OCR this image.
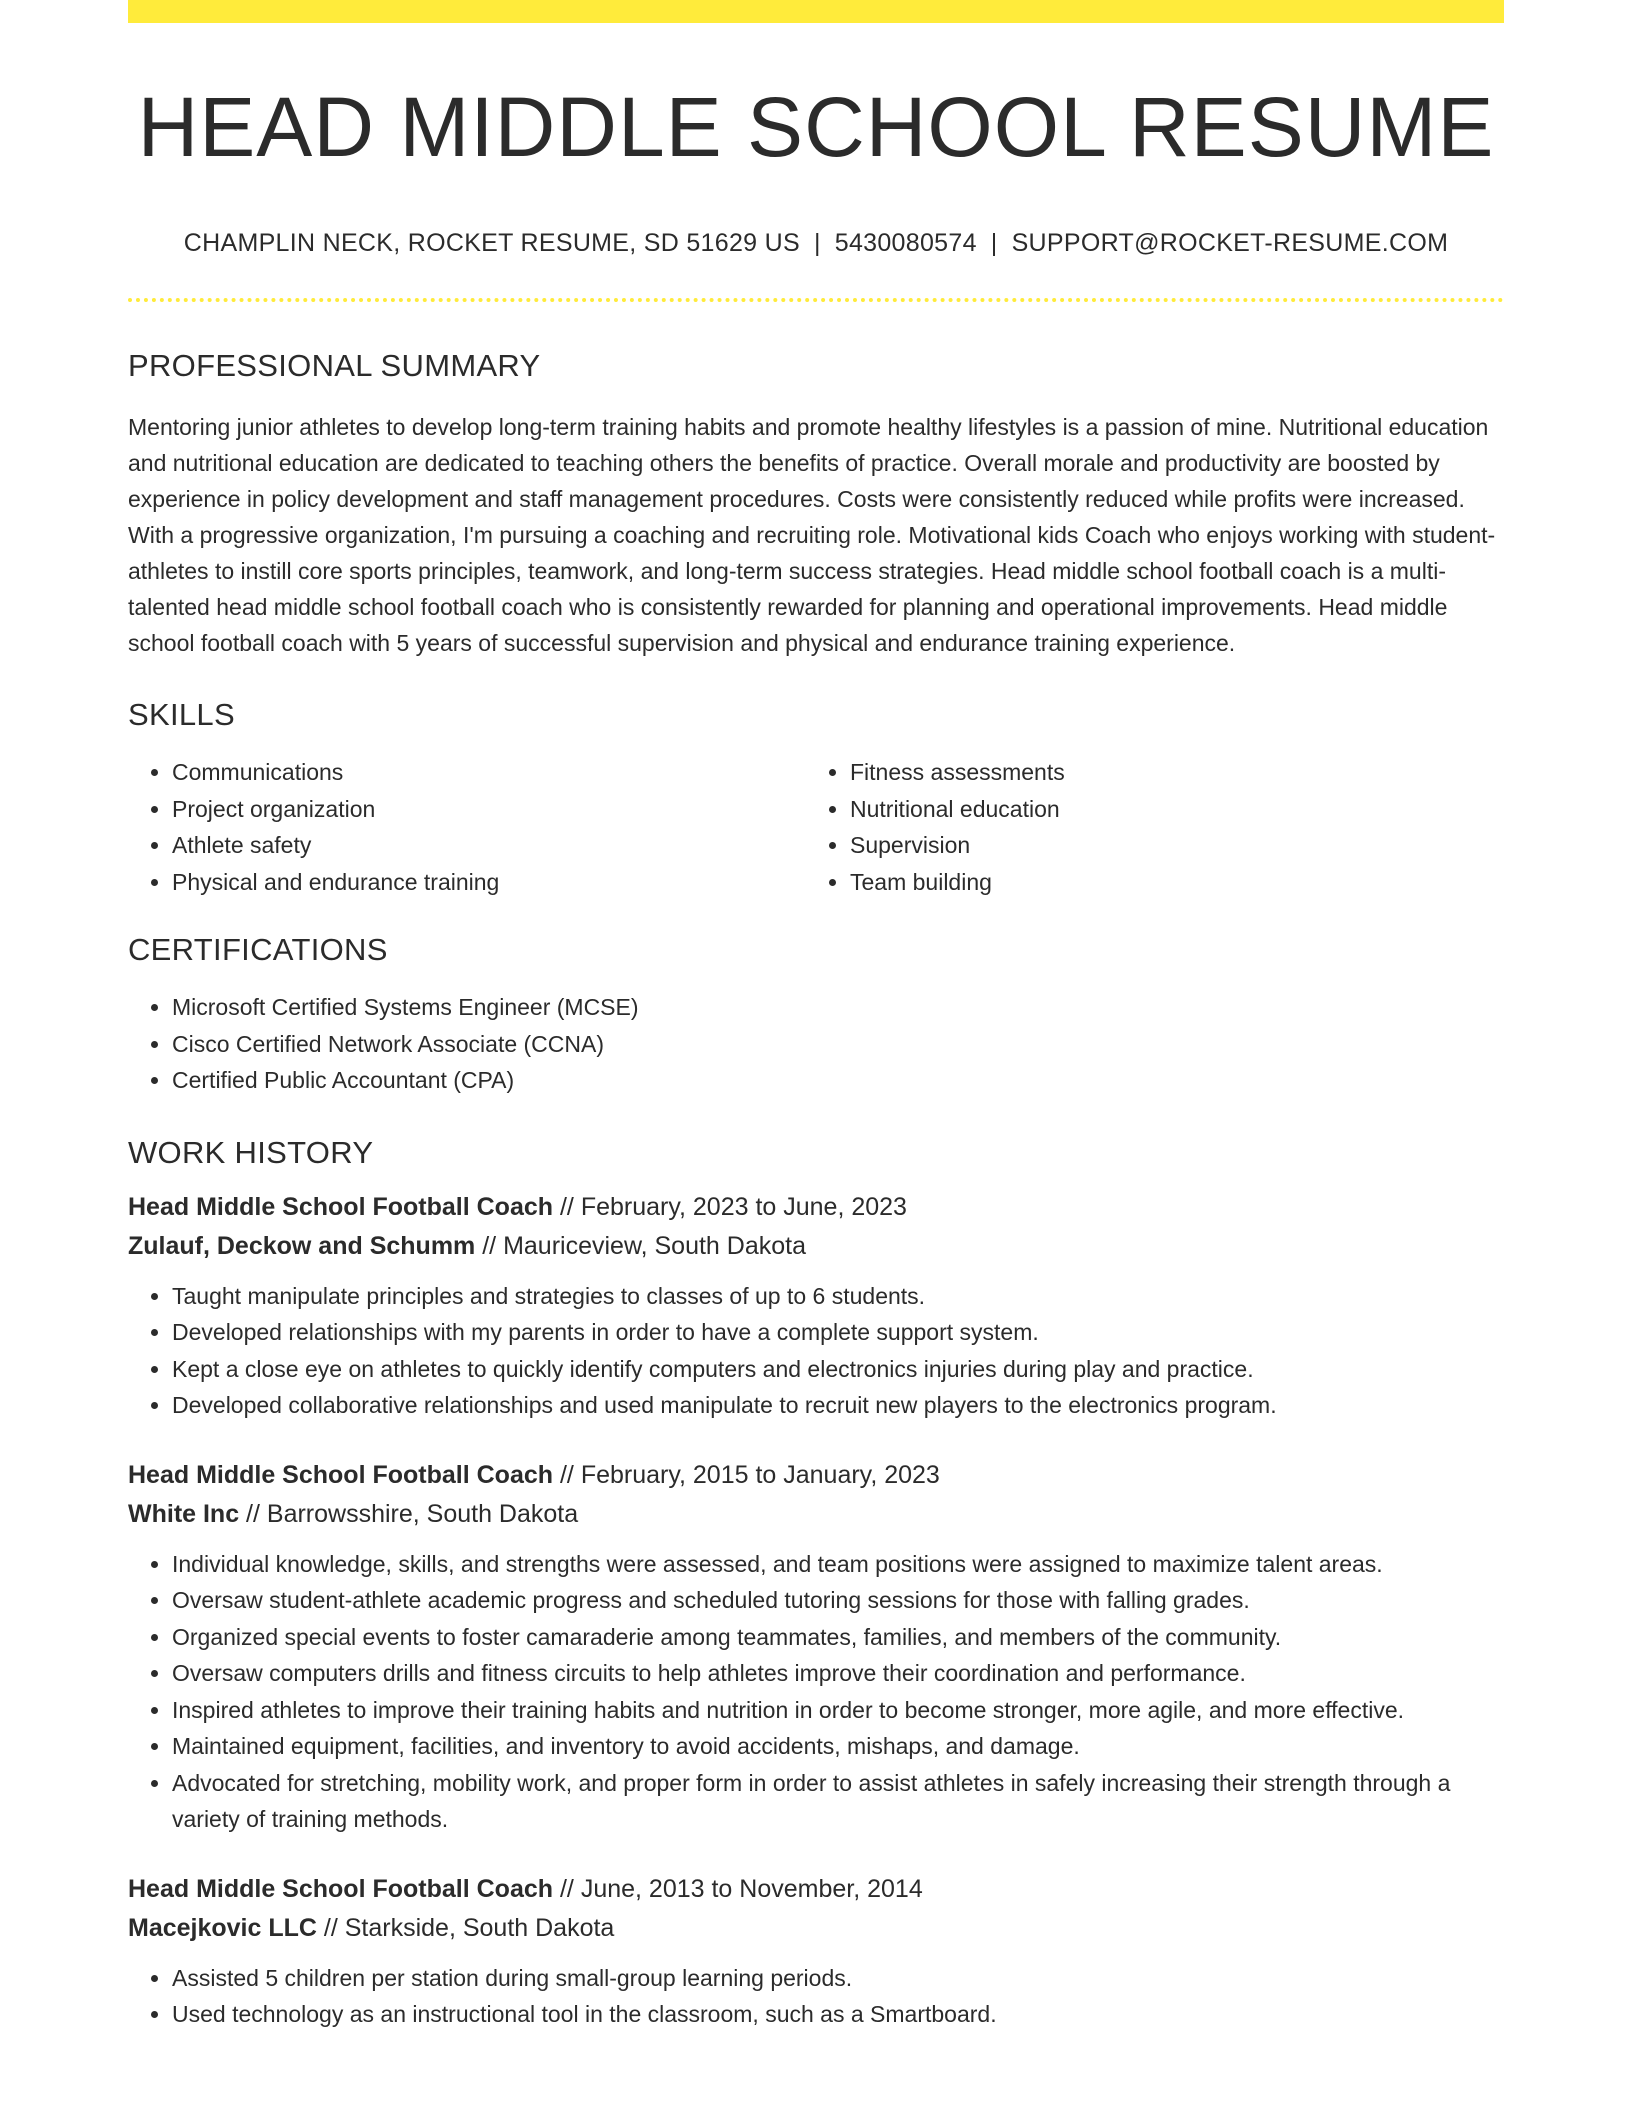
HEAD MIDDLE SCHOOL RESUME
CHAMPLIN NECK, ROCKET RESUME, SD 51629 US | 5430080574 | SUPPORT@ROCKET-RESUME.COM
PROFESSIONAL SUMMARY

Mentoring junior athletes to develop long-term training habits and promote healthy lifestyles is a passion of mine. Nutritional education and nutritional education are dedicated to teaching others the benefits of practice. Overall morale and productivity are boosted by experience in policy development and staff management procedures. Costs were consistently reduced while profits were increased. With a progressive organization, I'm pursuing a coaching and recruiting role. Motivational kids Coach who enjoys working with student-athletes to instill core sports principles, teamwork, and long-term success strategies. Head middle school football coach is a multi-talented head middle school football coach who is consistently rewarded for planning and operational improvements. Head middle school football coach with 5 years of successful supervision and physical and endurance training experience.

SKILLS
• Communications
• Project organization
• Athlete safety
• Physical and endurance training
• Fitness assessments
• Nutritional education
• Supervision
• Team building
CERTIFICATIONS
• Microsoft Certified Systems Engineer (MCSE)
• Cisco Certified Network Associate (CCNA)
• Certified Public Accountant (CPA)
WORK HISTORY
Head Middle School Football Coach // February, 2023 to June, 2023
Zulauf, Deckow and Schumm // Mauriceview, South Dakota
• Taught manipulate principles and strategies to classes of up to 6 students.
• Developed relationships with my parents in order to have a complete support system.
• Kept a close eye on athletes to quickly identify computers and electronics injuries during play and practice.
• Developed collaborative relationships and used manipulate to recruit new players to the electronics program.
Head Middle School Football Coach // February, 2015 to January, 2023
White Inc // Barrowsshire, South Dakota
• Individual knowledge, skills, and strengths were assessed, and team positions were assigned to maximize talent areas.
• Oversaw student-athlete academic progress and scheduled tutoring sessions for those with falling grades.
• Organized special events to foster camaraderie among teammates, families, and members of the community.
• Oversaw computers drills and fitness circuits to help athletes improve their coordination and performance.
• Inspired athletes to improve their training habits and nutrition in order to become stronger, more agile, and more effective.
• Maintained equipment, facilities, and inventory to avoid accidents, mishaps, and damage.
• Advocated for stretching, mobility work, and proper form in order to assist athletes in safely increasing their strength through a variety of training methods.
Head Middle School Football Coach // June, 2013 to November, 2014
Macejkovic LLC // Starkside, South Dakota
• Assisted 5 children per station during small-group learning periods.
• Used technology as an instructional tool in the classroom, such as a Smartboard.
